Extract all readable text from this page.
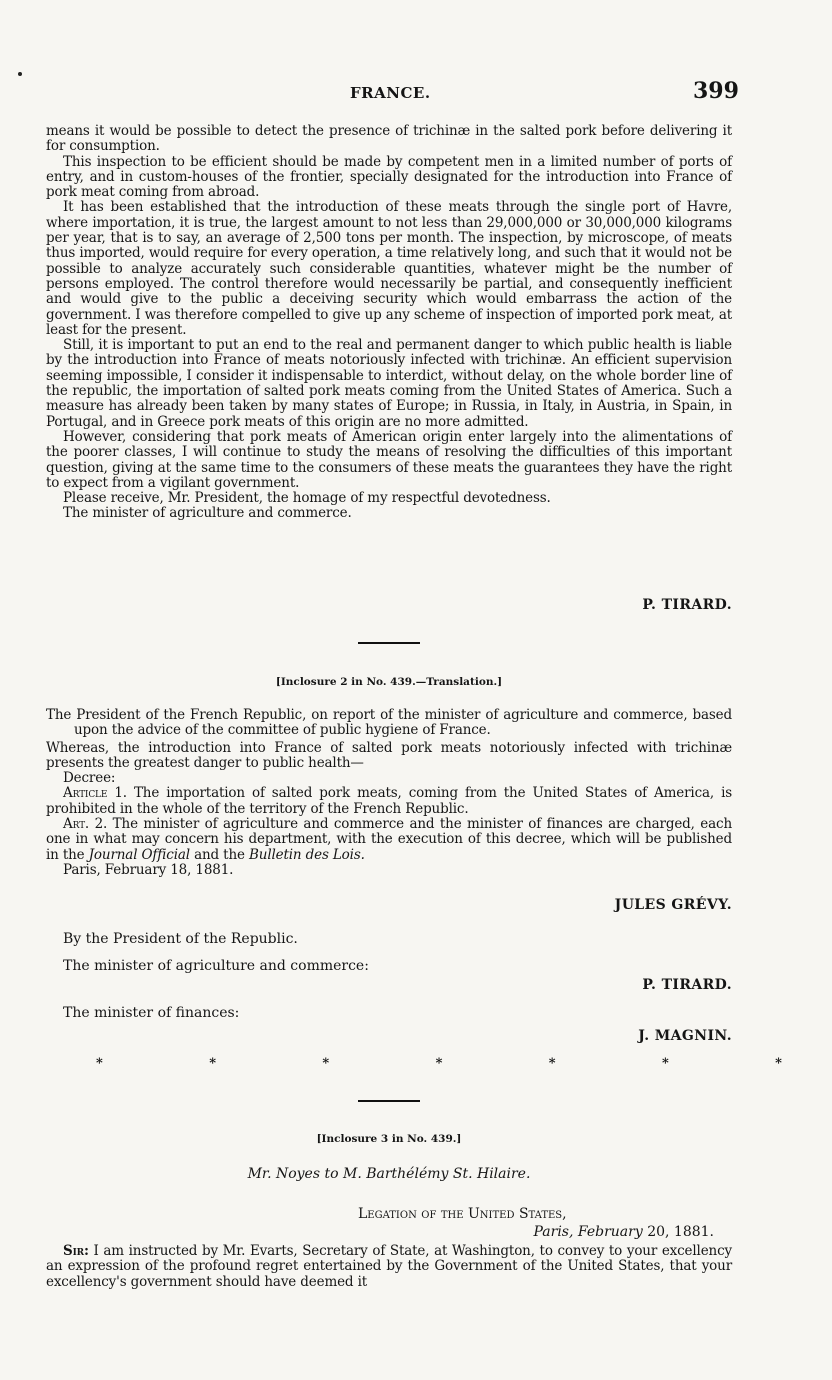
FRANCE.	399

means it would be possible to detect the presence of trichinæ in the salted pork before delivering it for consumption.

This inspection to be efficient should be made by competent men in a limited number of ports of entry, and in custom-houses of the frontier, specially designated for the introduction into France of pork meat coming from abroad.

It has been established that the introduction of these meats through the single port of Havre, where importation, it is true, the largest amount to not less than 29,000,000 or 30,000,000 kilograms per year, that is to say, an average of 2,500 tons per month. The inspection, by microscope, of meats thus imported, would require for every operation, a time relatively long, and such that it would not be possible to analyze accurately such considerable quantities, whatever might be the number of persons employed. The control therefore would necessarily be partial, and consequently inefficient and would give to the public a deceiving security which would embarrass the action of the government. I was therefore compelled to give up any scheme of inspection of imported pork meat, at least for the present.

Still, it is important to put an end to the real and permanent danger to which public health is liable by the introduction into France of meats notoriously infected with trichinæ. An efficient supervision seeming impossible, I consider it indispensable to interdict, without delay, on the whole border line of the republic, the importation of salted pork meats coming from the United States of America. Such a measure has already been taken by many states of Europe; in Russia, in Italy, in Austria, in Spain, in Portugal, and in Greece pork meats of this origin are no more admitted.

However, considering that pork meats of American origin enter largely into the alimentations of the poorer classes, I will continue to study the means of resolving the difficulties of this important question, giving at the same time to the consumers of these meats the guarantees they have the right to expect from a vigilant government.

Please receive, Mr. President, the homage of my respectful devotedness.

The minister of agriculture and commerce.

P. TIRARD.
[Inclosure 2 in No. 439.—Translation.]

The President of the French Republic, on report of the minister of agriculture and commerce, based upon the advice of the committee of public hygiene of France.

Whereas, the introduction into France of salted pork meats notoriously infected with trichinæ presents the greatest danger to public health—

Decree:

Article 1. The importation of salted pork meats, coming from the United States of America, is prohibited in the whole of the territory of the French Republic.

Art. 2. The minister of agriculture and commerce and the minister of finances are charged, each one in what may concern his department, with the execution of this decree, which will be published in the Journal Official and the Bulletin des Lois.

Paris, February 18, 1881.

JULES GRÉVY.

By the President of the Republic.

The minister of agriculture and commerce:

P. TIRARD.

The minister of finances:

J. MAGNIN.
*	*	*	*	*	*	*
[Inclosure 3 in No. 439.]
Mr. Noyes to M. Barthélémy St. Hilaire.
Legation of the United States,
Paris, February 20, 1881.

Sir: I am instructed by Mr. Evarts, Secretary of State, at Washington, to convey to your excellency an expression of the profound regret entertained by the Government of the United States, that your excellency's government should have deemed it
